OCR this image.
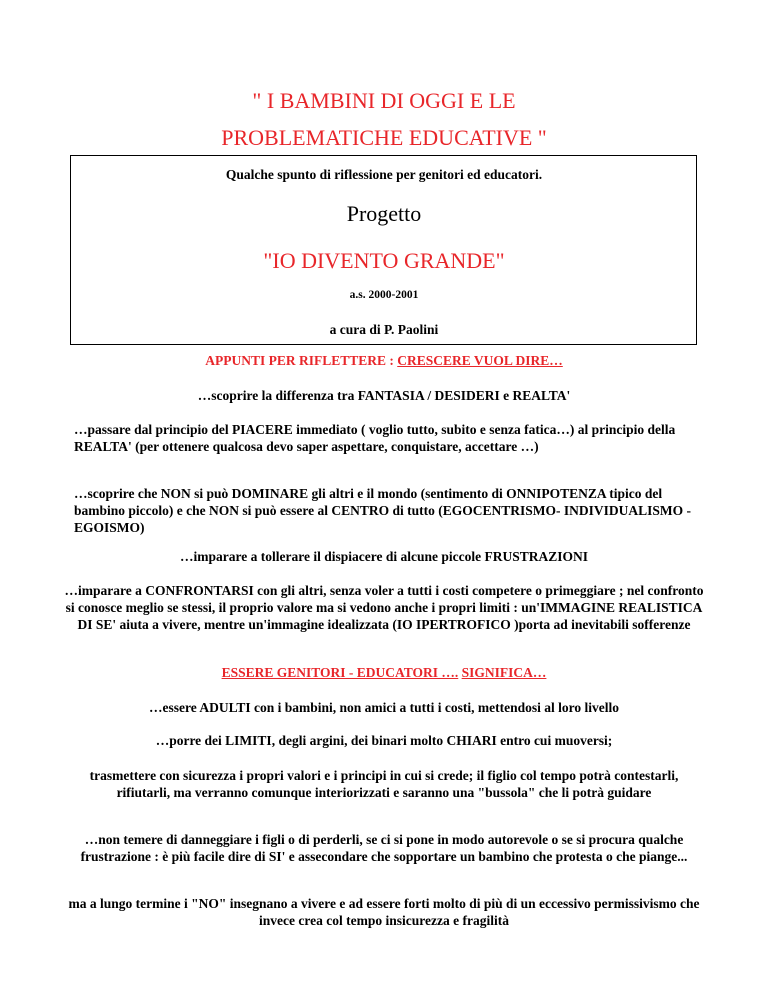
" I BAMBINI DI OGGI E LE
PROBLEMATICHE EDUCATIVE "
Qualche spunto di riflessione per genitori ed educatori.
Progetto
"IO DIVENTO GRANDE"
a.s. 2000-2001
a cura di P. Paolini
APPUNTI PER RIFLETTERE : CRESCERE VUOL DIRE…
…scoprire la differenza tra FANTASIA / DESIDERI e REALTA'
…passare dal principio del PIACERE immediato ( voglio tutto, subito e senza fatica…) al principio della REALTA' (per ottenere qualcosa devo saper aspettare, conquistare, accettare …)
…scoprire che NON si può DOMINARE gli altri e il mondo (sentimento di ONNIPOTENZA tipico del bambino piccolo) e che NON si può essere al CENTRO di tutto (EGOCENTRISMO- INDIVIDUALISMO - EGOISMO)
…imparare a tollerare il dispiacere di alcune piccole FRUSTRAZIONI
…imparare a CONFRONTARSI con gli altri, senza voler a tutti i costi competere o primeggiare ; nel confronto si conosce meglio se stessi, il proprio valore ma si vedono anche i propri limiti : un'IMMAGINE REALISTICA DI SE' aiuta a vivere, mentre un'immagine idealizzata (IO IPERTROFICO )porta ad inevitabili sofferenze
ESSERE GENITORI - EDUCATORI …. SIGNIFICA…
…essere ADULTI con i bambini, non amici a tutti i costi, mettendosi al loro livello
…porre dei LIMITI, degli argini, dei binari molto CHIARI entro cui muoversi;
trasmettere con sicurezza i propri valori e i principi in cui si crede; il figlio col tempo potrà contestarli, rifiutarli, ma verranno comunque interiorizzati e saranno una "bussola" che li potrà guidare
…non temere di danneggiare i figli o di perderli, se ci si pone in modo autorevole o se si procura qualche frustrazione : è più facile dire di SI' e assecondare che sopportare un bambino che protesta o che piange...
ma a lungo termine i "NO" insegnano a vivere e ad essere forti molto di più di un eccessivo permissivismo che invece crea col tempo insicurezza e fragilità
